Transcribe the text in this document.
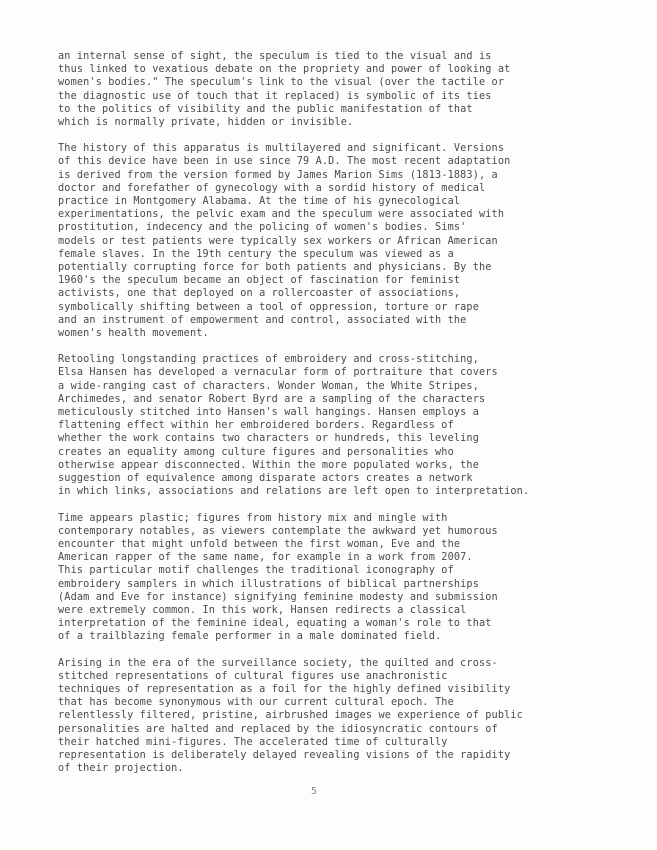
an internal sense of sight, the speculum is tied to the visual and is
thus linked to vexatious debate on the propriety and power of looking at
women's bodies." The speculum's link to the visual (over the tactile or
the diagnostic use of touch that it replaced) is symbolic of its ties
to the politics of visibility and the public manifestation of that
which is normally private, hidden or invisible.

The history of this apparatus is multilayered and significant. Versions
of this device have been in use since 79 A.D. The most recent adaptation
is derived from the version formed by James Marion Sims (1813-1883), a
doctor and forefather of gynecology with a sordid history of medical
practice in Montgomery Alabama. At the time of his gynecological
experimentations, the pelvic exam and the speculum were associated with
prostitution, indecency and the policing of women's bodies. Sims'
models or test patients were typically sex workers or African American
female slaves. In the 19th century the speculum was viewed as a
potentially corrupting force for both patients and physicians. By the
1960's the speculum became an object of fascination for feminist
activists, one that deployed on a rollercoaster of associations,
symbolically shifting between a tool of oppression, torture or rape
and an instrument of empowerment and control, associated with the
women's health movement.

Retooling longstanding practices of embroidery and cross-stitching,
Elsa Hansen has developed a vernacular form of portraiture that covers
a wide-ranging cast of characters. Wonder Woman, the White Stripes,
Archimedes, and senator Robert Byrd are a sampling of the characters
meticulously stitched into Hansen's wall hangings. Hansen employs a
flattening effect within her embroidered borders. Regardless of
whether the work contains two characters or hundreds, this leveling
creates an equality among culture figures and personalities who
otherwise appear disconnected. Within the more populated works, the
suggestion of equivalence among disparate actors creates a network
in which links, associations and relations are left open to interpretation.

Time appears plastic; figures from history mix and mingle with
contemporary notables, as viewers contemplate the awkward yet humorous
encounter that might unfold between the first woman, Eve and the
American rapper of the same name, for example in a work from 2007.
This particular motif challenges the traditional iconography of
embroidery samplers in which illustrations of biblical partnerships
(Adam and Eve for instance) signifying feminine modesty and submission
were extremely common. In this work, Hansen redirects a classical
interpretation of the feminine ideal, equating a woman's role to that
of a trailblazing female performer in a male dominated field.

Arising in the era of the surveillance society, the quilted and cross-
stitched representations of cultural figures use anachronistic
techniques of representation as a foil for the highly defined visibility
that has become synonymous with our current cultural epoch. The
relentlessly filtered, pristine, airbrushed images we experience of public
personalities are halted and replaced by the idiosyncratic contours of
their hatched mini-figures. The accelerated time of culturally
representation is deliberately delayed revealing visions of the rapidity
of their projection.

5
